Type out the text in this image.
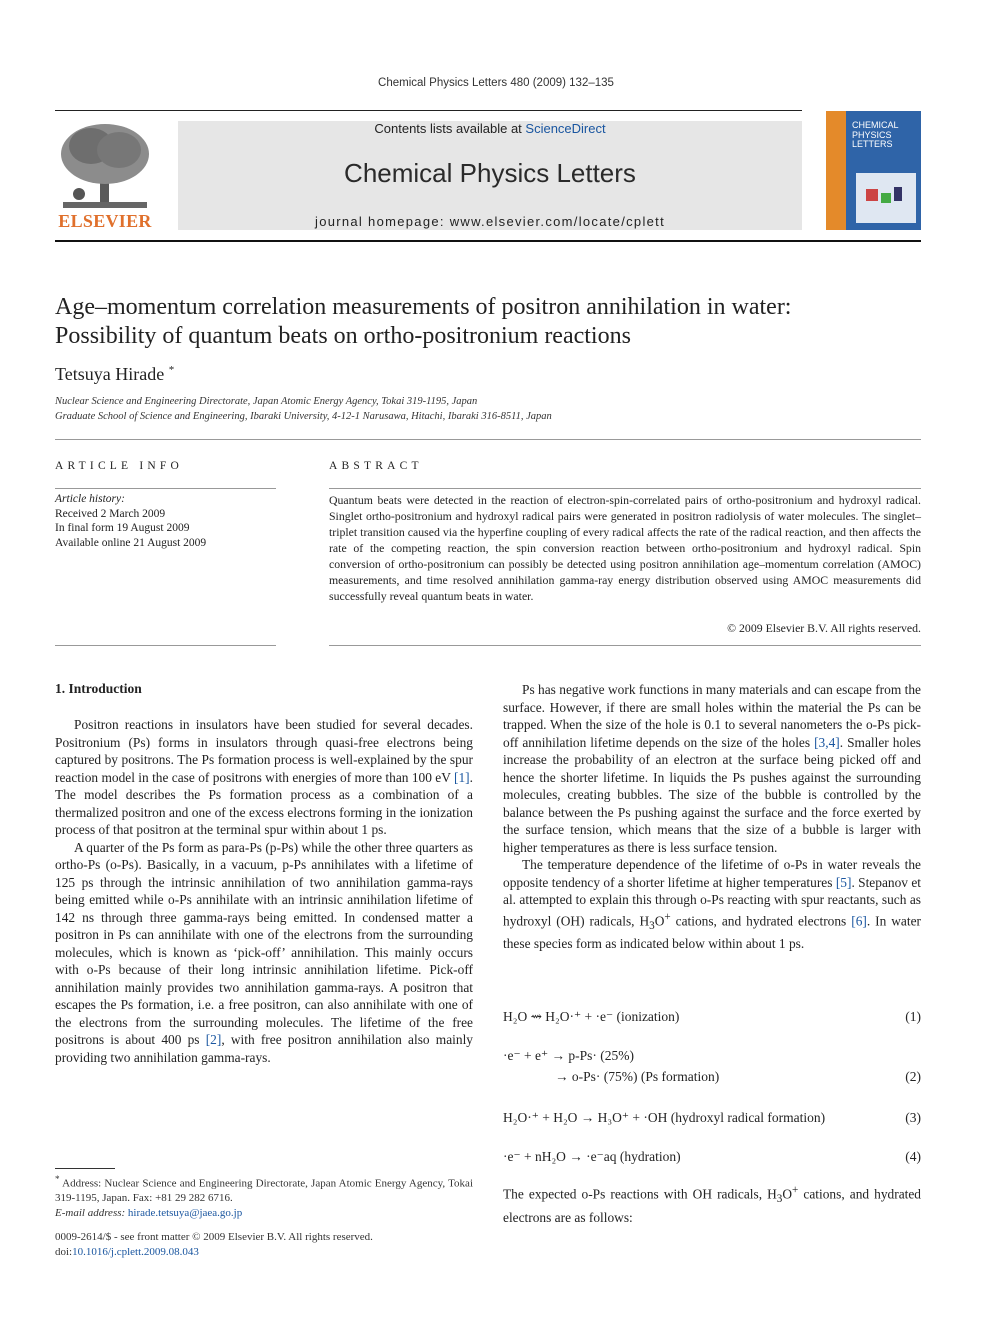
Chemical Physics Letters 480 (2009) 132–135
ELSEVIER
Contents lists available at ScienceDirect
Chemical Physics Letters
journal homepage: www.elsevier.com/locate/cplett
CHEMICAL
PHYSICS
LETTERS
Age–momentum correlation measurements of positron annihilation in water:
Possibility of quantum beats on ortho-positronium reactions
Tetsuya Hirade *
Nuclear Science and Engineering Directorate, Japan Atomic Energy Agency, Tokai 319-1195, Japan
Graduate School of Science and Engineering, Ibaraki University, 4-12-1 Narusawa, Hitachi, Ibaraki 316-8511, Japan
ARTICLE INFO
Article history:
Received 2 March 2009
In final form 19 August 2009
Available online 21 August 2009
ABSTRACT
Quantum beats were detected in the reaction of electron-spin-correlated pairs of ortho-positronium and hydroxyl radical. Singlet ortho-positronium and hydroxyl radical pairs were generated in positron radiolysis of water molecules. The singlet–triplet transition caused via the hyperfine coupling of every radical affects the rate of the radical reaction, and then affects the rate of the competing reaction, the spin conversion reaction between ortho-positronium and hydroxyl radical. Spin conversion of ortho-positronium can possibly be detected using positron annihilation age–momentum correlation (AMOC) measurements, and time resolved annihilation gamma-ray energy distribution observed using AMOC measurements did successfully reveal quantum beats in water.
© 2009 Elsevier B.V. All rights reserved.
1. Introduction

Positron reactions in insulators have been studied for several decades. Positronium (Ps) forms in insulators through quasi-free electrons being captured by positrons. The Ps formation process is well-explained by the spur reaction model in the case of positrons with energies of more than 100 eV [1]. The model describes the Ps formation process as a combination of a thermalized positron and one of the excess electrons forming in the ionization process of that positron at the terminal spur within about 1 ps.

A quarter of the Ps form as para-Ps (p-Ps) while the other three quarters as ortho-Ps (o-Ps). Basically, in a vacuum, p-Ps annihilates with a lifetime of 125 ps through the intrinsic annihilation of two annihilation gamma-rays being emitted while o-Ps annihilate with an intrinsic annihilation lifetime of 142 ns through three gamma-rays being emitted. In condensed matter a positron in Ps can annihilate with one of the electrons from the surrounding molecules, which is known as ‘pick-off’ annihilation. This mainly occurs with o-Ps because of their long intrinsic annihilation lifetime. Pick-off annihilation mainly provides two annihilation gamma-rays. A positron that escapes the Ps formation, i.e. a free positron, can also annihilate with one of the electrons from the surrounding molecules. The lifetime of the free positrons is about 400 ps [2], with free positron annihilation also mainly providing two annihilation gamma-rays.

* Address: Nuclear Science and Engineering Directorate, Japan Atomic Energy Agency, Tokai 319-1195, Japan. Fax: +81 29 282 6716.
E-mail address: hirade.tetsuya@jaea.go.jp
0009-2614/$ - see front matter © 2009 Elsevier B.V. All rights reserved.
doi:10.1016/j.cplett.2009.08.043

Ps has negative work functions in many materials and can escape from the surface. However, if there are small holes within the material the Ps can be trapped. When the size of the hole is 0.1 to several nanometers the o-Ps pick-off annihilation lifetime depends on the size of the holes [3,4]. Smaller holes increase the probability of an electron at the surface being picked off and hence the shorter lifetime. In liquids the Ps pushes against the surrounding molecules, creating bubbles. The size of the bubble is controlled by the balance between the Ps pushing against the surface and the force exerted by the surface tension, which means that the size of a bubble is larger with higher temperatures as there is less surface tension.

The temperature dependence of the lifetime of o-Ps in water reveals the opposite tendency of a shorter lifetime at higher temperatures [5]. Stepanov et al. attempted to explain this through o-Ps reacting with spur reactants, such as hydroxyl (OH) radicals, $H_3O^+$ cations, and hydrated electrons [6]. In water these species form as indicated below within about 1 ps.

H₂O ⇝ H₂O·⁺ + ·e⁻ (ionization)	(1)
·e⁻ + e⁺ → p-Ps· (25%)
→ o-Ps· (75%) (Ps formation)	(2)
H₂O·⁺ + H₂O → H₃O⁺ + ·OH (hydroxyl radical formation)	(3)
·e⁻ + nH₂O → ·e⁻aq (hydration)	(4)
The expected o-Ps reactions with OH radicals, $H_3O^+$ cations, and hydrated electrons are as follows:
